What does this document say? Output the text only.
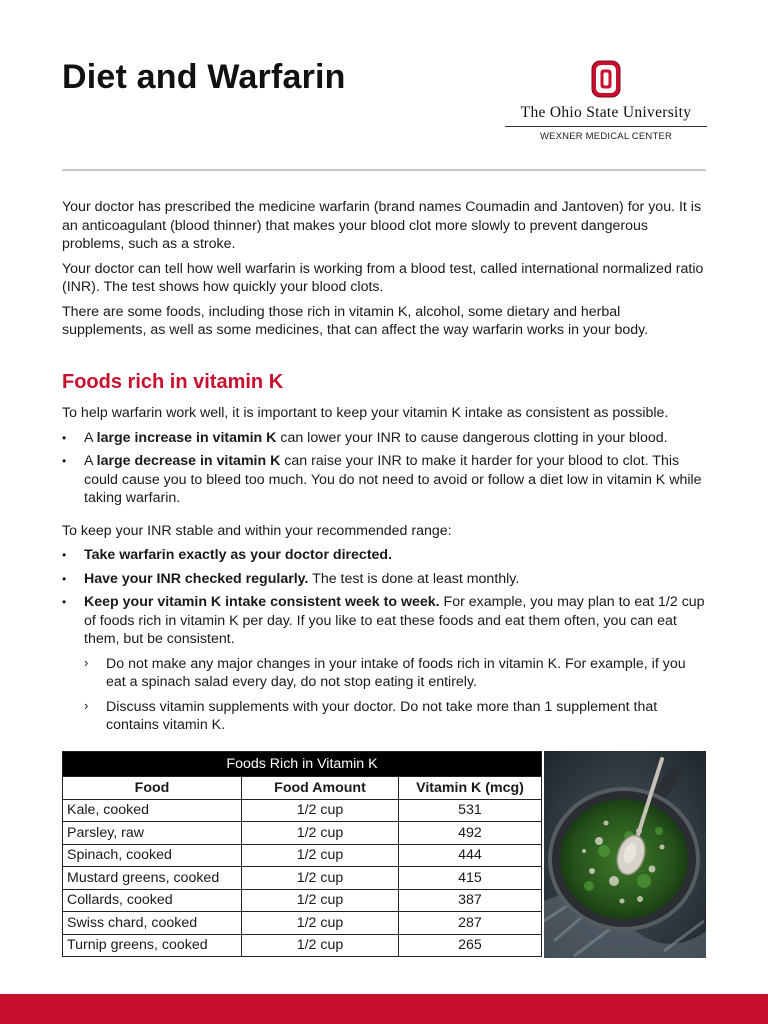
Diet and Warfarin
The Ohio State University
WEXNER MEDICAL CENTER

Your doctor has prescribed the medicine warfarin (brand names Coumadin and Jantoven) for you. It is an anticoagulant (blood thinner) that makes your blood clot more slowly to prevent dangerous problems, such as a stroke.

Your doctor can tell how well warfarin is working from a blood test, called international normalized ratio (INR). The test shows how quickly your blood clots.

There are some foods, including those rich in vitamin K, alcohol, some dietary and herbal supplements, as well as some medicines, that can affect the way warfarin works in your body.

Foods rich in vitamin K

To help warfarin work well, it is important to keep your vitamin K intake as consistent as possible.

• A large increase in vitamin K can lower your INR to cause dangerous clotting in your blood.
• A large decrease in vitamin K can raise your INR to make it harder for your blood to clot. This could cause you to bleed too much. You do not need to avoid or follow a diet low in vitamin K while taking warfarin.

To keep your INR stable and within your recommended range:

• Take warfarin exactly as your doctor directed.
• Have your INR checked regularly. The test is done at least monthly.
• Keep your vitamin K intake consistent week to week. For example, you may plan to eat 1/2 cup of foods rich in vitamin K per day. If you like to eat these foods and eat them often, you can eat them, but be consistent.
› Do not make any major changes in your intake of foods rich in vitamin K. For example, if you eat a spinach salad every day, do not stop eating it entirely.
› Discuss vitamin supplements with your doctor. Do not take more than 1 supplement that contains vitamin K.
Foods Rich in Vitamin K		
Food	Food Amount	Vitamin K (mcg)
Kale, cooked	1/2 cup	531
Parsley, raw	1/2 cup	492
Spinach, cooked	1/2 cup	444
Mustard greens, cooked	1/2 cup	415
Collards, cooked	1/2 cup	387
Swiss chard, cooked	1/2 cup	287
Turnip greens, cooked	1/2 cup	265
